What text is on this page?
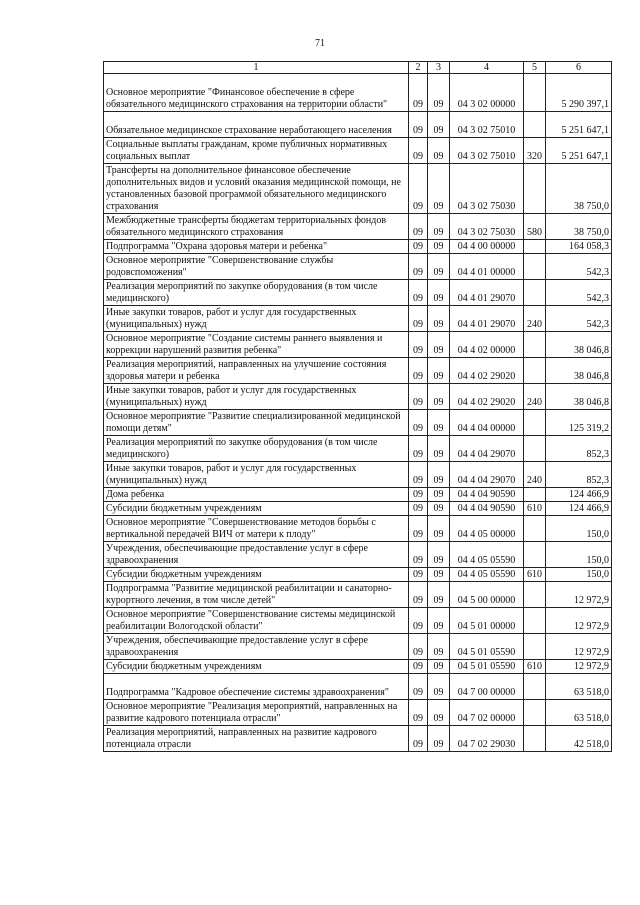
71
1	2	3	4	5	6
Основное мероприятие "Финансовое обеспечение в сфере обязательного медицинского страхования на территории области"	09	09	04 3 02 00000		5 290 397,1
Обязательное медицинское страхование неработающего населения	09	09	04 3 02 75010		5 251 647,1
Социальные выплаты гражданам, кроме публичных нормативных социальных выплат	09	09	04 3 02 75010	320	5 251 647,1
Трансферты на дополнительное финансовое обеспечение дополнительных видов и условий оказания медицинской помощи, не установленных базовой программой обязательного медицинского страхования	09	09	04 3 02 75030		38 750,0
Межбюджетные трансферты бюджетам территориальных фондов обязательного медицинского страхования	09	09	04 3 02 75030	580	38 750,0
Подпрограмма "Охрана здоровья матери и ребенка"	09	09	04 4 00 00000		164 058,3
Основное мероприятие "Совершенствование службы родовспоможения"	09	09	04 4 01 00000		542,3
Реализация мероприятий по закупке оборудования (в том числе медицинского)	09	09	04 4 01 29070		542,3
Иные закупки товаров, работ и услуг для государственных (муниципальных) нужд	09	09	04 4 01 29070	240	542,3
Основное мероприятие "Создание системы раннего выявления и коррекции нарушений развития ребенка"	09	09	04 4 02 00000		38 046,8
Реализация мероприятий, направленных на улучшение состояния здоровья матери и ребенка	09	09	04 4 02 29020		38 046,8
Иные закупки товаров, работ и услуг для государственных (муниципальных) нужд	09	09	04 4 02 29020	240	38 046,8
Основное мероприятие "Развитие специализированной медицинской помощи детям"	09	09	04 4 04 00000		125 319,2
Реализация мероприятий по закупке оборудования (в том числе медицинского)	09	09	04 4 04 29070		852,3
Иные закупки товаров, работ и услуг для государственных (муниципальных) нужд	09	09	04 4 04 29070	240	852,3
Дома ребенка	09	09	04 4 04 90590		124 466,9
Субсидии бюджетным учреждениям	09	09	04 4 04 90590	610	124 466,9
Основное мероприятие "Совершенствование методов борьбы с вертикальной передачей ВИЧ от матери к плоду"	09	09	04 4 05 00000		150,0
Учреждения, обеспечивающие предоставление услуг в сфере здравоохранения	09	09	04 4 05 05590		150,0
Субсидии бюджетным учреждениям	09	09	04 4 05 05590	610	150,0
Подпрограмма "Развитие медицинской реабилитации и санаторно-курортного лечения, в том числе детей"	09	09	04 5 00 00000		12 972,9
Основное мероприятие "Совершенствование системы медицинской реабилитации Вологодской области"	09	09	04 5 01 00000		12 972,9
Учреждения, обеспечивающие предоставление услуг в сфере здравоохранения	09	09	04 5 01 05590		12 972,9
Субсидии бюджетным учреждениям	09	09	04 5 01 05590	610	12 972,9
Подпрограмма "Кадровое обеспечение системы здравоохранения"	09	09	04 7 00 00000		63 518,0
Основное мероприятие "Реализация мероприятий, направленных на развитие кадрового потенциала отрасли"	09	09	04 7 02 00000		63 518,0
Реализация мероприятий, направленных на развитие кадрового потенциала отрасли	09	09	04 7 02 29030		42 518,0
